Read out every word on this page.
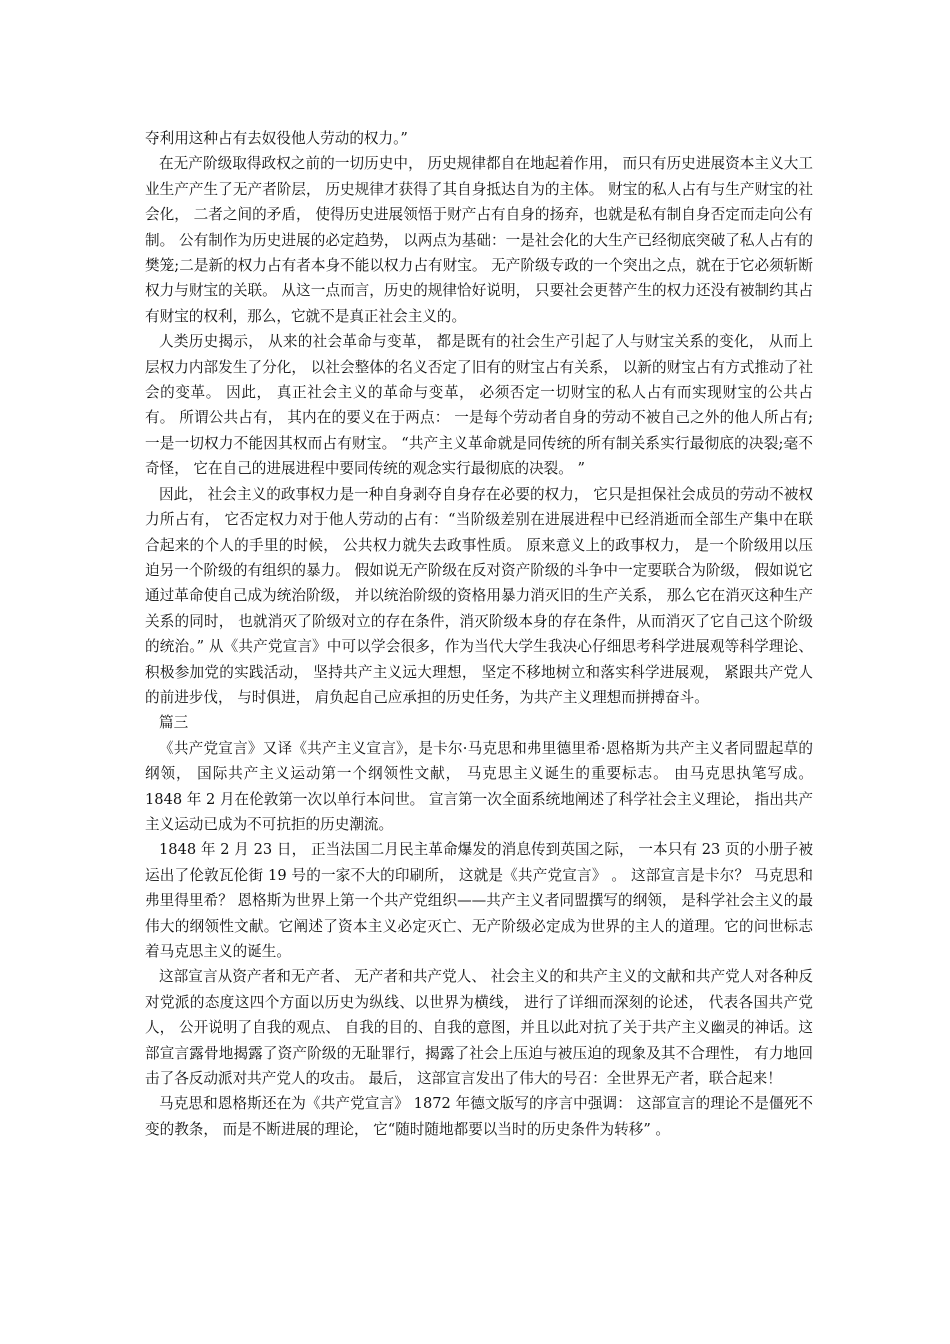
夺利用这种占有去奴役他人劳动的权力。”

在无产阶级取得政权之前的一切历史中， 历史规律都自在地起着作用， 而只有历史进展资本主义大工业生产产生了无产者阶层， 历史规律才获得了其自身抵达自为的主体。 财宝的私人占有与生产财宝的社会化， 二者之间的矛盾， 使得历史进展领悟于财产占有自身的扬弃，也就是私有制自身否定而走向公有制。 公有制作为历史进展的必定趋势， 以两点为基础：一是社会化的大生产已经彻底突破了私人占有的樊笼;二是新的权力占有者本身不能以权力占有财宝。 无产阶级专政的一个突出之点，就在于它必须斩断权力与财宝的关联。 从这一点而言，历史的规律恰好说明， 只要社会更替产生的权力还没有被制约其占有财宝的权利，那么，它就不是真正社会主义的。

人类历史揭示， 从来的社会革命与变革， 都是既有的社会生产引起了人与财宝关系的变化， 从而上层权力内部发生了分化， 以社会整体的名义否定了旧有的财宝占有关系， 以新的财宝占有方式推动了社会的变革。 因此， 真正社会主义的革命与变革， 必须否定一切财宝的私人占有而实现财宝的公共占有。 所谓公共占有， 其内在的要义在于两点： 一是每个劳动者自身的劳动不被自己之外的他人所占有;一是一切权力不能因其权而占有财宝。 “共产主义革命就是同传统的所有制关系实行最彻底的决裂;毫不奇怪， 它在自己的进展进程中要同传统的观念实行最彻底的决裂。 ”

因此， 社会主义的政事权力是一种自身剥夺自身存在必要的权力， 它只是担保社会成员的劳动不被权力所占有， 它否定权力对于他人劳动的占有：“当阶级差别在进展进程中已经消逝而全部生产集中在联合起来的个人的手里的时候， 公共权力就失去政事性质。 原来意义上的政事权力， 是一个阶级用以压迫另一个阶级的有组织的暴力。 假如说无产阶级在反对资产阶级的斗争中一定要联合为阶级， 假如说它通过革命使自己成为统治阶级， 并以统治阶级的资格用暴力消灭旧的生产关系， 那么它在消灭这种生产关系的同时， 也就消灭了阶级对立的存在条件，消灭阶级本身的存在条件，从而消灭了它自己这个阶级的统治。” 从《共产党宣言》中可以学会很多，作为当代大学生我决心仔细思考科学进展观等科学理论、 积极参加党的实践活动， 坚持共产主义远大理想， 坚定不移地树立和落实科学进展观， 紧跟共产党人的前进步伐， 与时俱进， 肩负起自己应承担的历史任务，为共产主义理想而拼搏奋斗。

篇三

《共产党宣言》又译《共产主义宣言》，是卡尔·马克思和弗里德里希·恩格斯为共产主义者同盟起草的纲领， 国际共产主义运动第一个纲领性文献， 马克思主义诞生的重要标志。 由马克思执笔写成。 1848 年 2 月在伦敦第一次以单行本问世。 宣言第一次全面系统地阐述了科学社会主义理论， 指出共产主义运动已成为不可抗拒的历史潮流。

1848 年 2 月 23 日， 正当法国二月民主革命爆发的消息传到英国之际， 一本只有 23 页的小册子被运出了伦敦瓦伦街 19 号的一家不大的印刷所， 这就是《共产党宣言》 。 这部宣言是卡尔？ 马克思和弗里得里希？ 恩格斯为世界上第一个共产党组织——共产主义者同盟撰写的纲领， 是科学社会主义的最伟大的纲领性文献。它阐述了资本主义必定灭亡、无产阶级必定成为世界的主人的道理。它的问世标志着马克思主义的诞生。

这部宣言从资产者和无产者、 无产者和共产党人、 社会主义的和共产主义的文献和共产党人对各种反对党派的态度这四个方面以历史为纵线、以世界为横线， 进行了详细而深刻的论述， 代表各国共产党人， 公开说明了自我的观点、 自我的目的、自我的意图，并且以此对抗了关于共产主义幽灵的神话。这部宣言露骨地揭露了资产阶级的无耻罪行，揭露了社会上压迫与被压迫的现象及其不合理性， 有力地回击了各反动派对共产党人的攻击。 最后， 这部宣言发出了伟大的号召：全世界无产者，联合起来！

马克思和恩格斯还在为《共产党宣言》 1872 年德文版写的序言中强调： 这部宣言的理论不是僵死不变的教条， 而是不断进展的理论， 它“随时随地都要以当时的历史条件为转移” 。
